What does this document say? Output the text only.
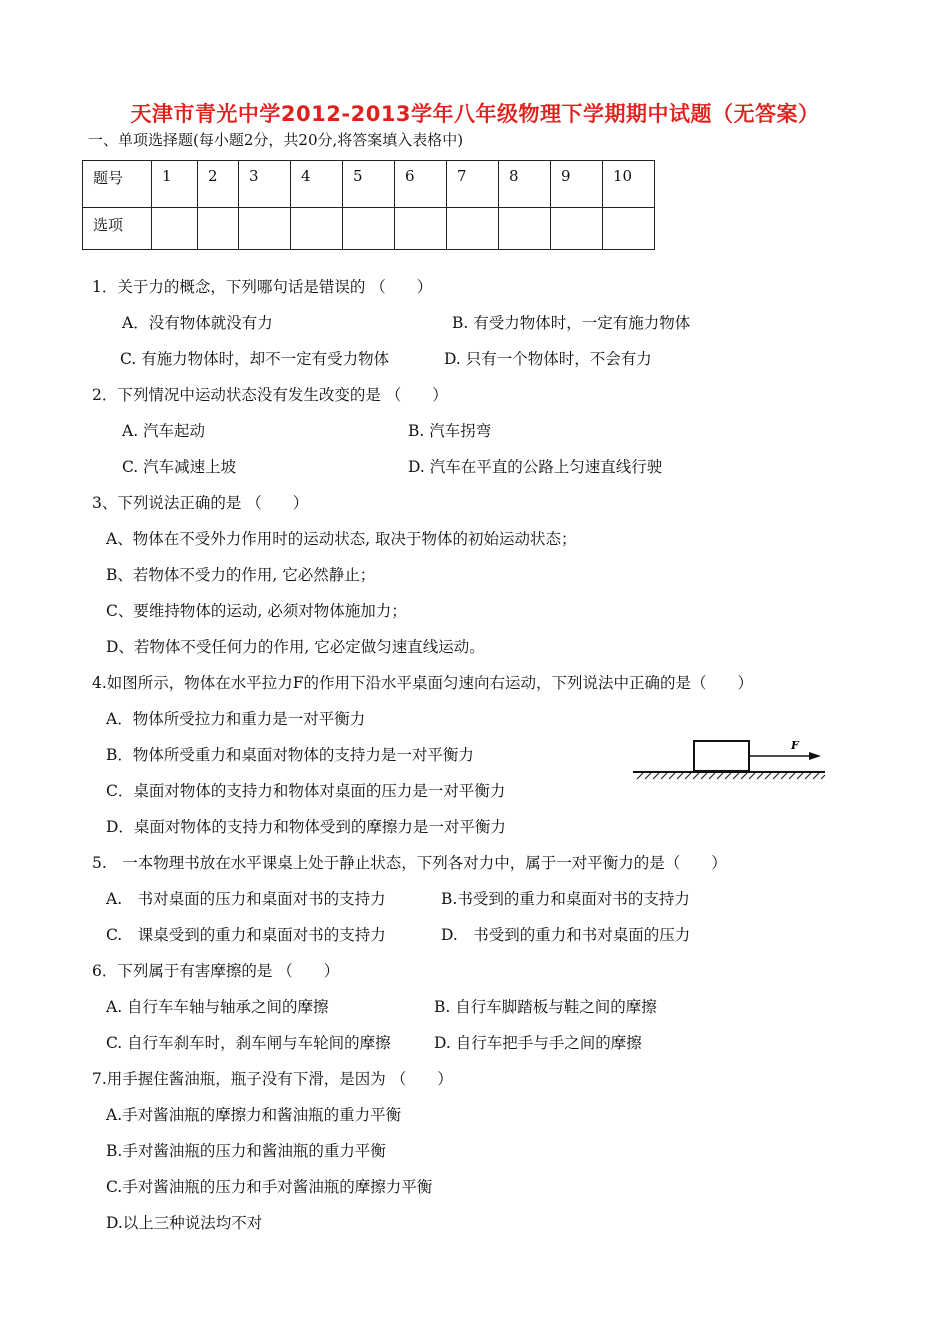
天津市青光中学2012-2013学年八年级物理下学期期中试题（无答案）
一、单项选择题(每小题2分，共20分,将答案填入表格中)
题号	1	2	3	4	5	6	7	8	9	10
选项										
1．关于力的概念，下列哪句话是错误的 （　　）
A．没有物体就没有力	B. 有受力物体时，一定有施力物体
C. 有施力物体时，却不一定有受力物体	D. 只有一个物体时，不会有力
2．下列情况中运动状态没有发生改变的是 （　　）
A. 汽车起动	B. 汽车拐弯
C. 汽车减速上坡	D. 汽车在平直的公路上匀速直线行驶
3、下列说法正确的是 （　　）
A、物体在不受外力作用时的运动状态, 取决于物体的初始运动状态；
B、若物体不受力的作用, 它必然静止；
C、要维持物体的运动, 必须对物体施加力；
D、若物体不受任何力的作用, 它必定做匀速直线运动。
4.如图所示，物体在水平拉力F的作用下沿水平桌面匀速向右运动，下列说法中正确的是（　　）
A．物体所受拉力和重力是一对平衡力
B．物体所受重力和桌面对物体的支持力是一对平衡力
C．桌面对物体的支持力和物体对桌面的压力是一对平衡力
D．桌面对物体的支持力和物体受到的摩擦力是一对平衡力
F
5.　一本物理书放在水平课桌上处于静止状态，下列各对力中，属于一对平衡力的是（　　）
A.　书对桌面的压力和桌面对书的支持力	B.书受到的重力和桌面对书的支持力
C.　课桌受到的重力和桌面对书的支持力	D.　书受到的重力和书对桌面的压力
6．下列属于有害摩擦的是 （　　）
A. 自行车车轴与轴承之间的摩擦	B. 自行车脚踏板与鞋之间的摩擦
C. 自行车刹车时，刹车闸与车轮间的摩擦	D. 自行车把手与手之间的摩擦
7.用手握住酱油瓶，瓶子没有下滑，是因为 （　　）
A.手对酱油瓶的摩擦力和酱油瓶的重力平衡
B.手对酱油瓶的压力和酱油瓶的重力平衡
C.手对酱油瓶的压力和手对酱油瓶的摩擦力平衡
D.以上三种说法均不对
